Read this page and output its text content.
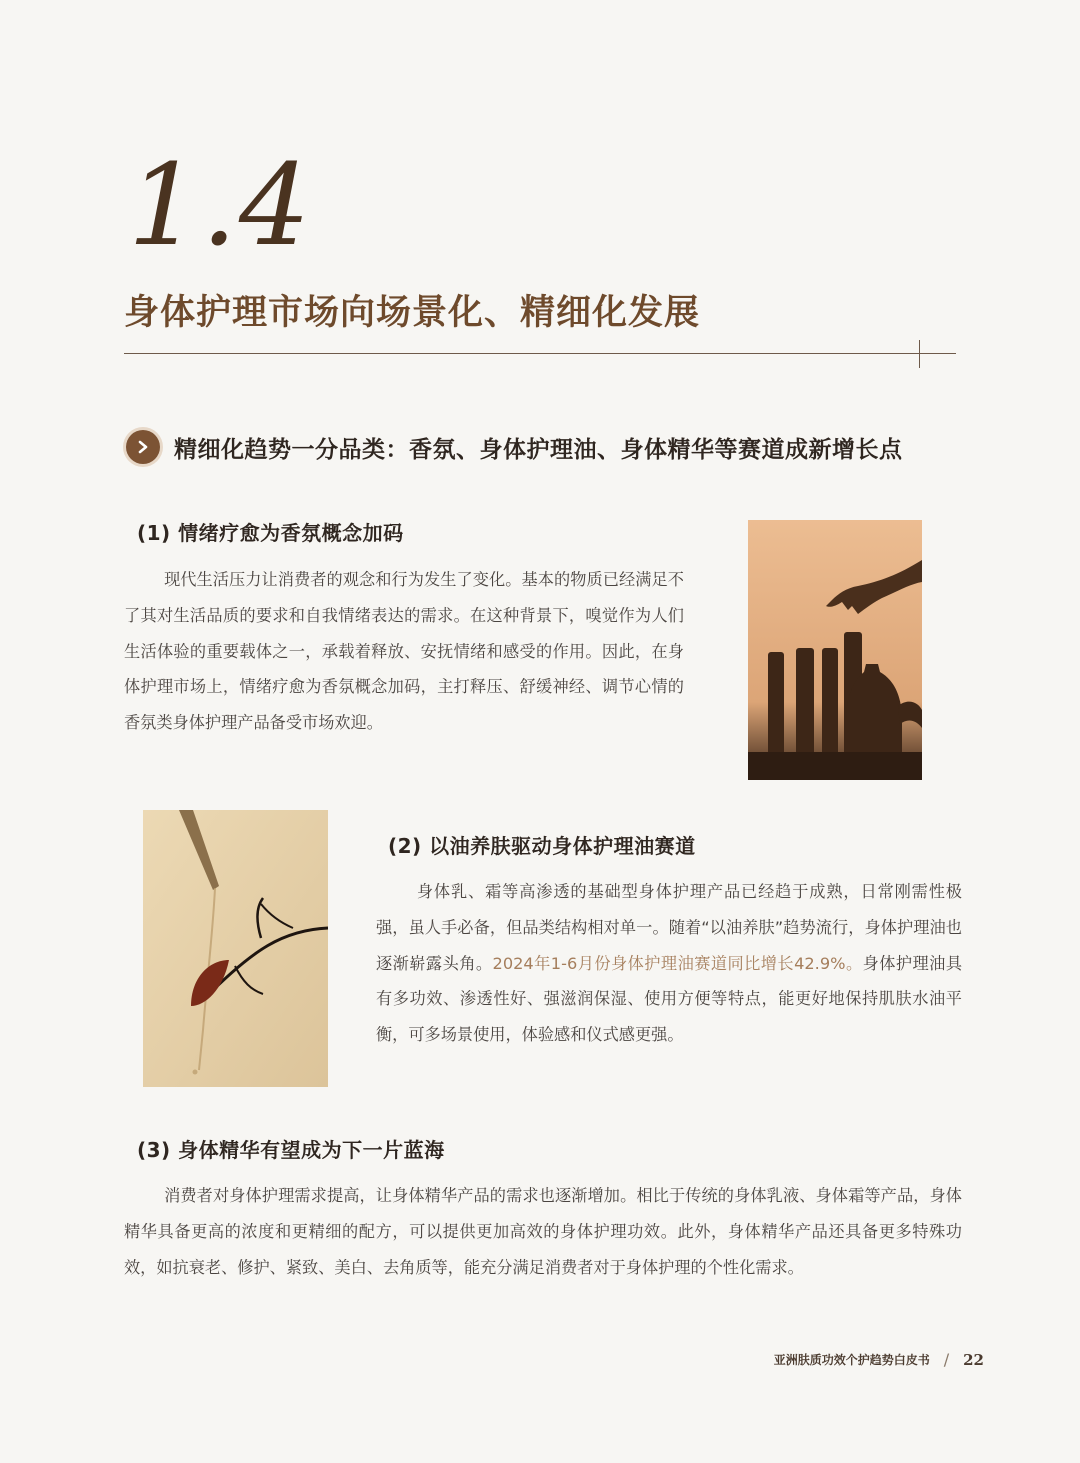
1.4
身体护理市场向场景化、精细化发展
精细化趋势一分品类：香氛、身体护理油、身体精华等赛道成新增长点
(1) 情绪疗愈为香氛概念加码

现代生活压力让消费者的观念和行为发生了变化。基本的物质已经满足不了其对生活品质的要求和自我情绪表达的需求。在这种背景下，嗅觉作为人们生活体验的重要载体之一，承载着释放、安抚情绪和感受的作用。因此，在身体护理市场上，情绪疗愈为香氛概念加码，主打释压、舒缓神经、调节心情的香氛类身体护理产品备受市场欢迎。

(2) 以油养肤驱动身体护理油赛道

身体乳、霜等高渗透的基础型身体护理产品已经趋于成熟，日常刚需性极强，虽人手必备，但品类结构相对单一。随着“以油养肤”趋势流行，身体护理油也逐渐崭露头角。2024年1-6月份身体护理油赛道同比增长42.9%。身体护理油具有多功效、渗透性好、强滋润保湿、使用方便等特点，能更好地保持肌肤水油平衡，可多场景使用，体验感和仪式感更强。

(3) 身体精华有望成为下一片蓝海

消费者对身体护理需求提高，让身体精华产品的需求也逐渐增加。相比于传统的身体乳液、身体霜等产品，身体精华具备更高的浓度和更精细的配方，可以提供更加高效的身体护理功效。此外，身体精华产品还具备更多特殊功效，如抗衰老、修护、紧致、美白、去角质等，能充分满足消费者对于身体护理的个性化需求。

亚洲肤质功效个护趋势白皮书 / 22
